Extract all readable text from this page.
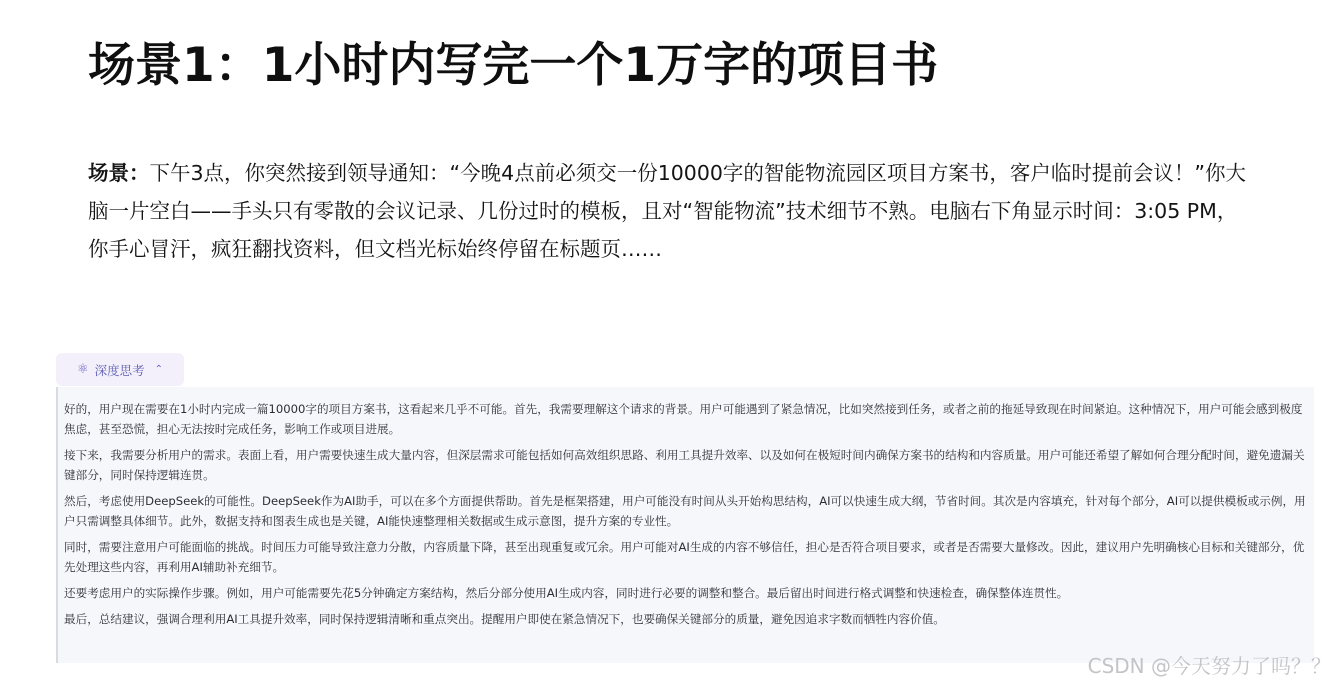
场景1：1小时内写完一个1万字的项目书
场景：下午3点，你突然接到领导通知：“今晚4点前必须交一份10000字的智能物流园区项目方案书，客户临时提前会议！”你大脑一片空白——手头只有零散的会议记录、几份过时的模板，且对“智能物流”技术细节不熟。电脑右下角显示时间：3:05 PM，你手心冒汗，疯狂翻找资料，但文档光标始终停留在标题页……
⚛ 深度思考 ⌃

好的，用户现在需要在1小时内完成一篇10000字的项目方案书，这看起来几乎不可能。首先，我需要理解这个请求的背景。用户可能遇到了紧急情况，比如突然接到任务，或者之前的拖延导致现在时间紧迫。这种情况下，用户可能会感到极度焦虑，甚至恐慌，担心无法按时完成任务，影响工作或项目进展。

接下来，我需要分析用户的需求。表面上看，用户需要快速生成大量内容，但深层需求可能包括如何高效组织思路、利用工具提升效率、以及如何在极短时间内确保方案书的结构和内容质量。用户可能还希望了解如何合理分配时间，避免遗漏关键部分，同时保持逻辑连贯。

然后，考虑使用DeepSeek的可能性。DeepSeek作为AI助手，可以在多个方面提供帮助。首先是框架搭建，用户可能没有时间从头开始构思结构，AI可以快速生成大纲，节省时间。其次是内容填充，针对每个部分，AI可以提供模板或示例，用户只需调整具体细节。此外，数据支持和图表生成也是关键，AI能快速整理相关数据或生成示意图，提升方案的专业性。

同时，需要注意用户可能面临的挑战。时间压力可能导致注意力分散，内容质量下降，甚至出现重复或冗余。用户可能对AI生成的内容不够信任，担心是否符合项目要求，或者是否需要大量修改。因此，建议用户先明确核心目标和关键部分，优先处理这些内容，再利用AI辅助补充细节。

还要考虑用户的实际操作步骤。例如，用户可能需要先花5分钟确定方案结构，然后分部分使用AI生成内容，同时进行必要的调整和整合。最后留出时间进行格式调整和快速检查，确保整体连贯性。

最后，总结建议，强调合理利用AI工具提升效率，同时保持逻辑清晰和重点突出。提醒用户即使在紧急情况下，也要确保关键部分的质量，避免因追求字数而牺牲内容价值。

CSDN @今天努力了吗？？
